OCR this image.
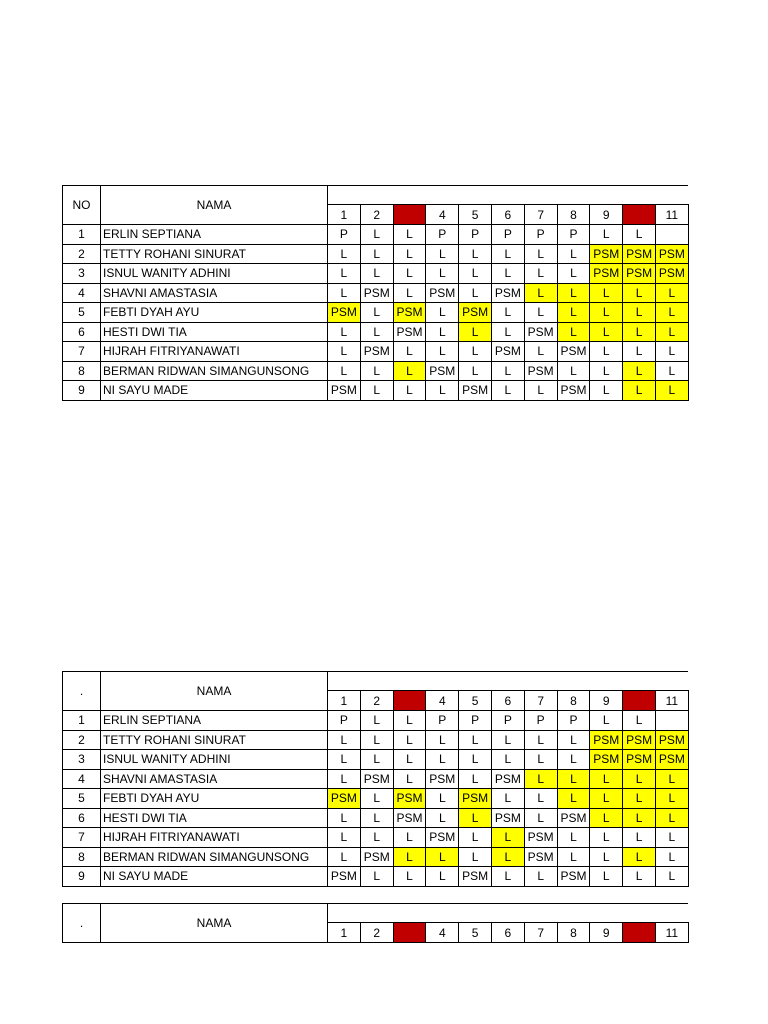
NO	NAMA											
		1	2	3	4	5	6	7	8	9	10	11
1	ERLIN SEPTIANA	P	L	L	P	P	P	P	P	L	L	
2	TETTY ROHANI SINURAT	L	L	L	L	L	L	L	L	PSM	PSM	PSM
3	ISNUL WANITY ADHINI	L	L	L	L	L	L	L	L	PSM	PSM	PSM
4	SHAVNI AMASTASIA	L	PSM	L	PSM	L	PSM	L	L	L	L	L
5	FEBTI DYAH AYU	PSM	L	PSM	L	PSM	L	L	L	L	L	L
6	HESTI DWI TIA	L	L	PSM	L	L	L	PSM	L	L	L	L
7	HIJRAH FITRIYANAWATI	L	PSM	L	L	L	PSM	L	PSM	L	L	L
8	BERMAN RIDWAN SIMANGUNSONG	L	L	L	PSM	L	L	PSM	L	L	L	L
9	NI SAYU MADE	PSM	L	L	L	PSM	L	L	PSM	L	L	L
.	NAMA											
		1	2	3	4	5	6	7	8	9	10	11
1	ERLIN SEPTIANA	P	L	L	P	P	P	P	P	L	L	
2	TETTY ROHANI SINURAT	L	L	L	L	L	L	L	L	PSM	PSM	PSM
3	ISNUL WANITY ADHINI	L	L	L	L	L	L	L	L	PSM	PSM	PSM
4	SHAVNI AMASTASIA	L	PSM	L	PSM	L	PSM	L	L	L	L	L
5	FEBTI DYAH AYU	PSM	L	PSM	L	PSM	L	L	L	L	L	L
6	HESTI DWI TIA	L	L	PSM	L	L	PSM	L	PSM	L	L	L
7	HIJRAH FITRIYANAWATI	L	L	L	PSM	L	L	PSM	L	L	L	L
8	BERMAN RIDWAN SIMANGUNSONG	L	PSM	L	L	L	L	PSM	L	L	L	L
9	NI SAYU MADE	PSM	L	L	L	PSM	L	L	PSM	L	L	L
.	NAMA											
		1	2	3	4	5	6	7	8	9	10	11
